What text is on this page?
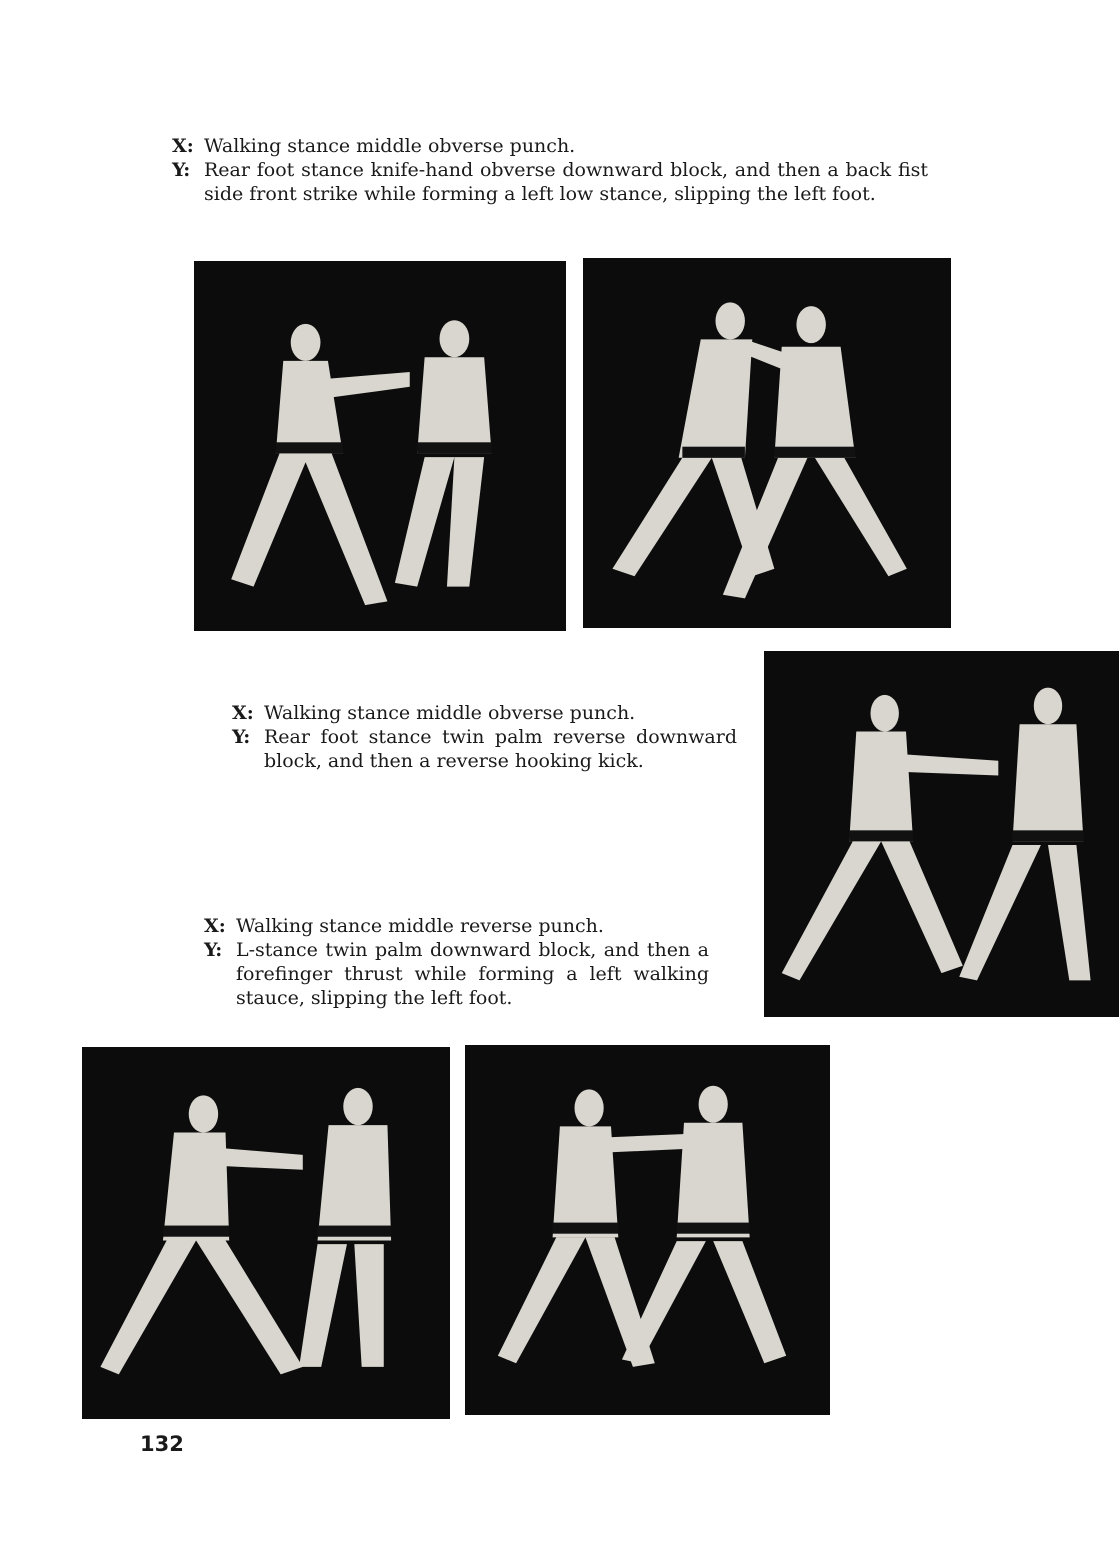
X: Walking stance middle obverse punch.
Y: Rear foot stance knife-hand obverse downward block, and then a back fist side front strike while forming a left low stance, slipping the left foot.
X: Walking stance middle obverse punch.
Y: Rear foot stance twin palm reverse downward block, and then a reverse hooking kick.
X: Walking stance middle reverse punch.
Y: L-stance twin palm downward block, and then a forefinger thrust while forming a left walking stauce, slipping the left foot.
132
